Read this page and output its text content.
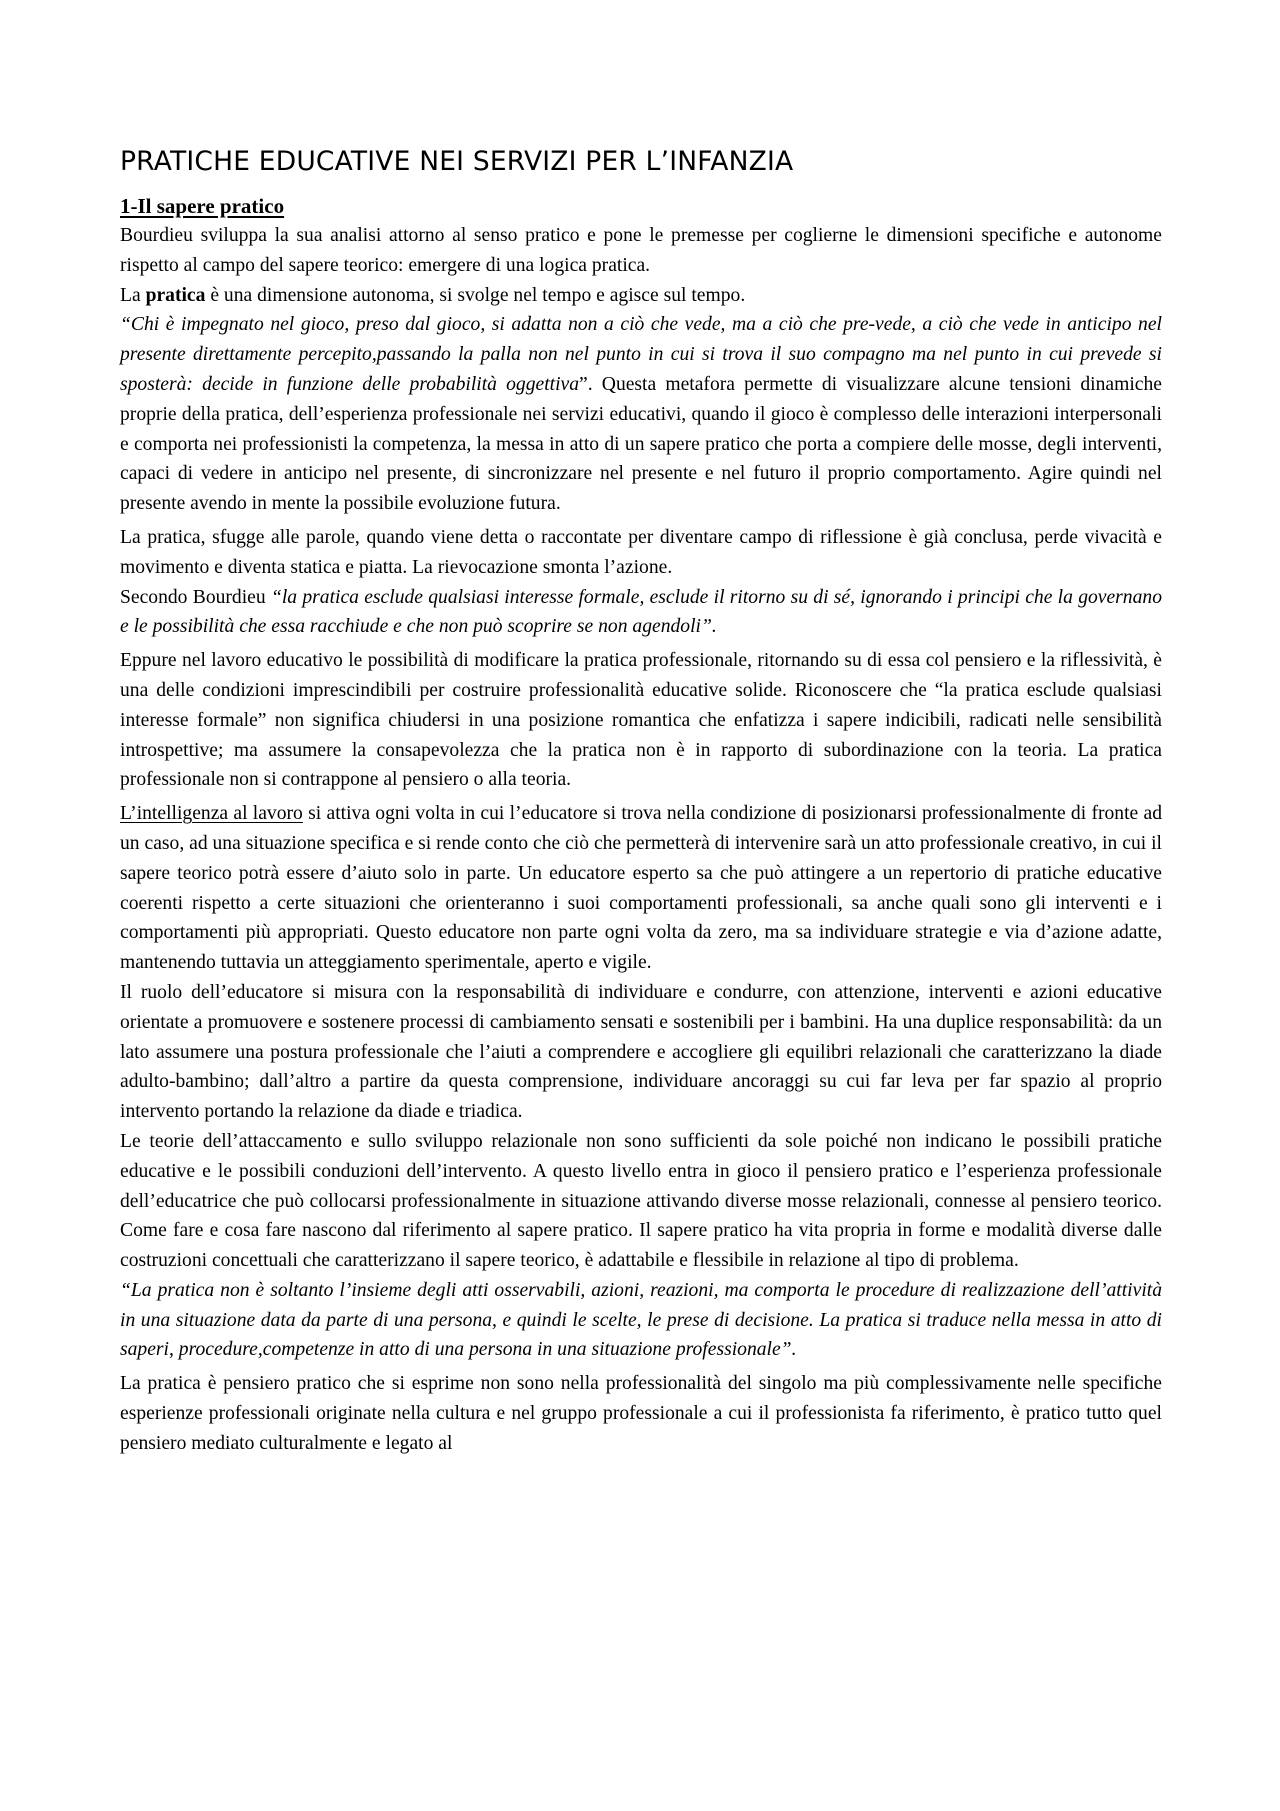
PRATICHE EDUCATIVE NEI SERVIZI PER L’INFANZIA
1-Il sapere pratico

Bourdieu sviluppa la sua analisi attorno al senso pratico e pone le premesse per coglierne le dimensioni specifiche e autonome rispetto al campo del sapere teorico: emergere di una logica pratica.

La pratica è una dimensione autonoma, si svolge nel tempo e agisce sul tempo.

“Chi è impegnato nel gioco, preso dal gioco, si adatta non a ciò che vede, ma a ciò che pre-vede, a ciò che vede in anticipo nel presente direttamente percepito,passando la palla non nel punto in cui si trova il suo compagno ma nel punto in cui prevede si sposterà: decide in funzione delle probabilità oggettiva”. Questa metafora permette di visualizzare alcune tensioni dinamiche proprie della pratica, dell’esperienza professionale nei servizi educativi, quando il gioco è complesso delle interazioni interpersonali e comporta nei professionisti la competenza, la messa in atto di un sapere pratico che porta a compiere delle mosse, degli interventi, capaci di vedere in anticipo nel presente, di sincronizzare nel presente e nel futuro il proprio comportamento. Agire quindi nel presente avendo in mente la possibile evoluzione futura.

La pratica, sfugge alle parole, quando viene detta o raccontate per diventare campo di riflessione è già conclusa, perde vivacità e movimento e diventa statica e piatta. La rievocazione smonta l’azione.

Secondo Bourdieu “la pratica esclude qualsiasi interesse formale, esclude il ritorno su di sé, ignorando i principi che la governano e le possibilità che essa racchiude e che non può scoprire se non agendoli”.

Eppure nel lavoro educativo le possibilità di modificare la pratica professionale, ritornando su di essa col pensiero e la riflessività, è una delle condizioni imprescindibili per costruire professionalità educative solide. Riconoscere che “la pratica esclude qualsiasi interesse formale” non significa chiudersi in una posizione romantica che enfatizza i sapere indicibili, radicati nelle sensibilità introspettive; ma assumere la consapevolezza che la pratica non è in rapporto di subordinazione con la teoria. La pratica professionale non si contrappone al pensiero o alla teoria.

L’intelligenza al lavoro si attiva ogni volta in cui l’educatore si trova nella condizione di posizionarsi professionalmente di fronte ad un caso, ad una situazione specifica e si rende conto che ciò che permetterà di intervenire sarà un atto professionale creativo, in cui il sapere teorico potrà essere d’aiuto solo in parte. Un educatore esperto sa che può attingere a un repertorio di pratiche educative coerenti rispetto a certe situazioni che orienteranno i suoi comportamenti professionali, sa anche quali sono gli interventi e i comportamenti più appropriati. Questo educatore non parte ogni volta da zero, ma sa individuare strategie e via d’azione adatte, mantenendo tuttavia un atteggiamento sperimentale, aperto e vigile.

Il ruolo dell’educatore si misura con la responsabilità di individuare e condurre, con attenzione, interventi e azioni educative orientate a promuovere e sostenere processi di cambiamento sensati e sostenibili per i bambini. Ha una duplice responsabilità: da un lato assumere una postura professionale che l’aiuti a comprendere e accogliere gli equilibri relazionali che caratterizzano la diade adulto-bambino; dall’altro a partire da questa comprensione, individuare ancoraggi su cui far leva per far spazio al proprio intervento portando la relazione da diade e triadica.

Le teorie dell’attaccamento e sullo sviluppo relazionale non sono sufficienti da sole poiché non indicano le possibili pratiche educative e le possibili conduzioni dell’intervento. A questo livello entra in gioco il pensiero pratico e l’esperienza professionale dell’educatrice che può collocarsi professionalmente in situazione attivando diverse mosse relazionali, connesse al pensiero teorico. Come fare e cosa fare nascono dal riferimento al sapere pratico. Il sapere pratico ha vita propria in forme e modalità diverse dalle costruzioni concettuali che caratterizzano il sapere teorico, è adattabile e flessibile in relazione al tipo di problema.

“La pratica non è soltanto l’insieme degli atti osservabili, azioni, reazioni, ma comporta le procedure di realizzazione dell’attività in una situazione data da parte di una persona, e quindi le scelte, le prese di decisione. La pratica si traduce nella messa in atto di saperi, procedure,competenze in atto di una persona in una situazione professionale”.

La pratica è pensiero pratico che si esprime non sono nella professionalità del singolo ma più complessivamente nelle specifiche esperienze professionali originate nella cultura e nel gruppo professionale a cui il professionista fa riferimento, è pratico tutto quel pensiero mediato culturalmente e legato al
